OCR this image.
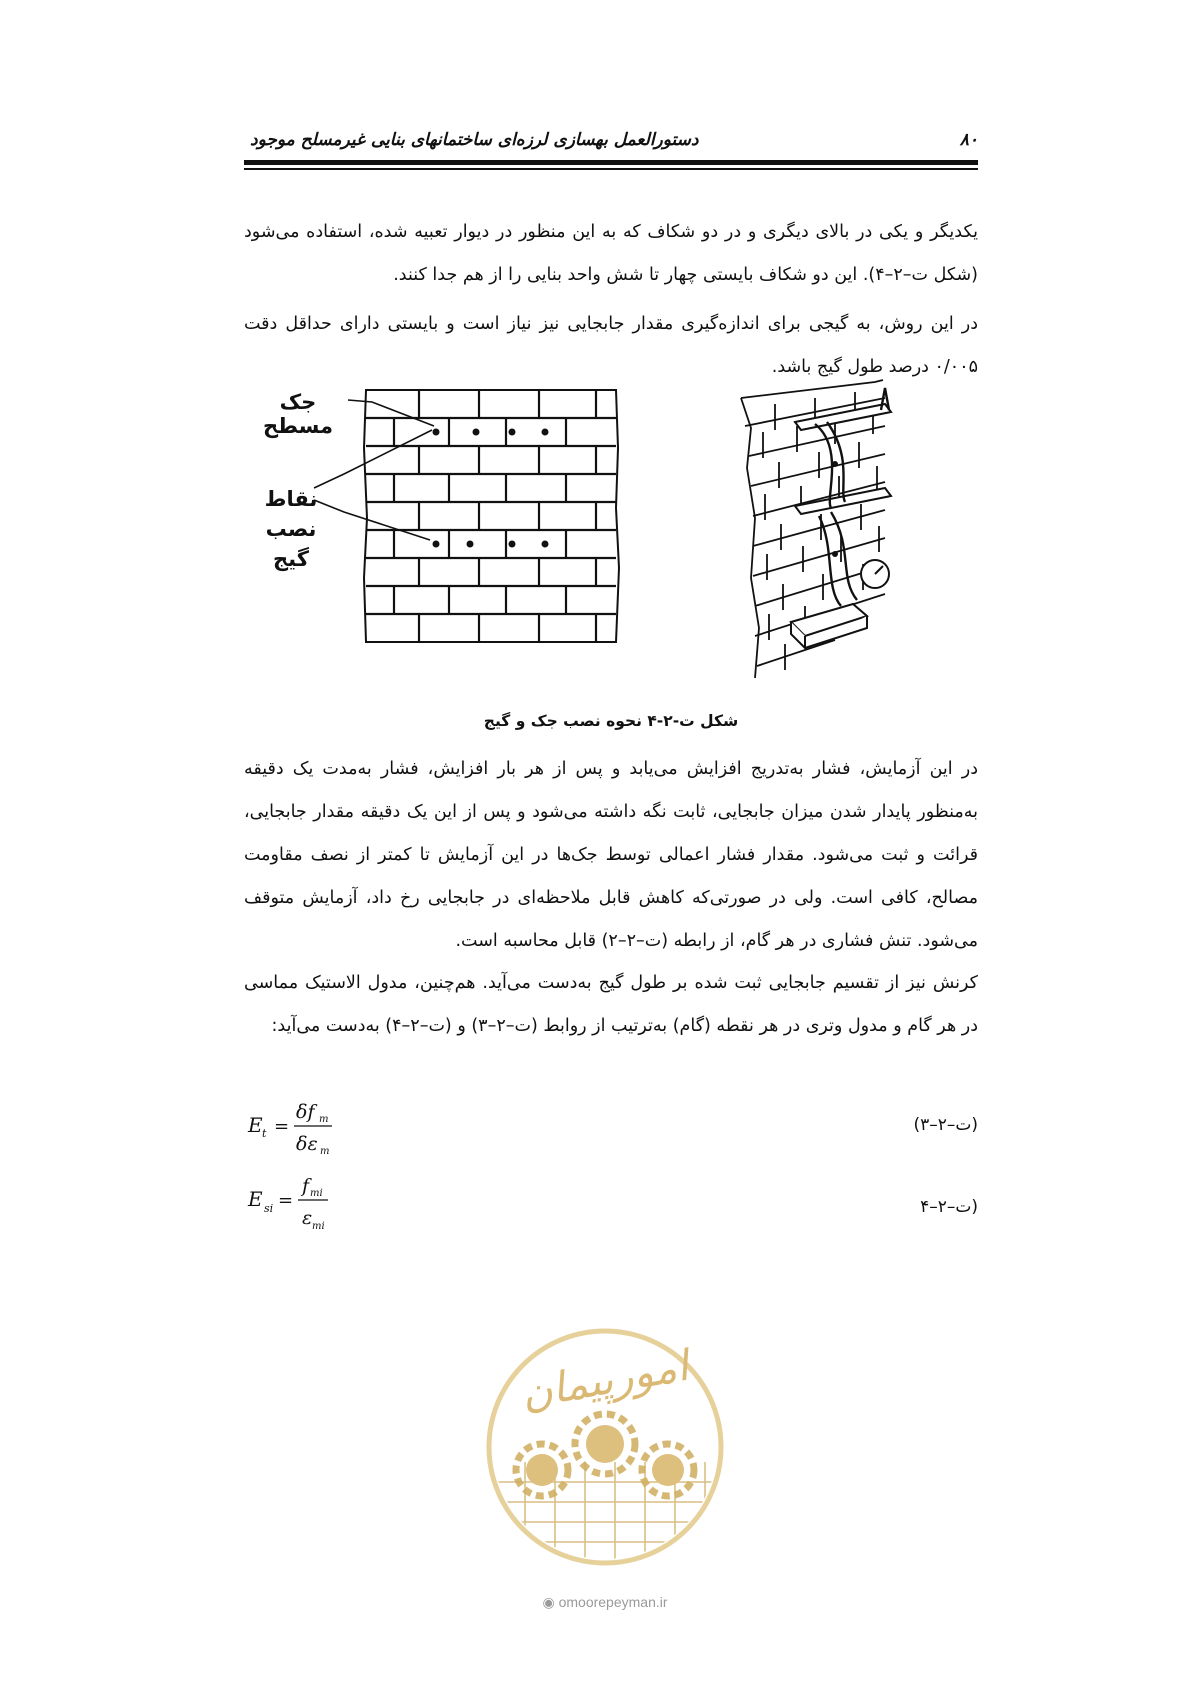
۸۰
دستورالعمل بهسازی لرزه‌ای ساختمانهای بنایی غیرمسلح موجود
یکدیگر و یکی در بالای دیگری و در دو شکاف که به این منظور در دیوار تعبیه شده، استفاده می‌شود (شکل ت–۲–۴). این دو شکاف بایستی چهار تا شش واحد بنایی را از هم جدا کنند.
در این روش، به گیجی برای اندازه‌گیری مقدار جابجایی نیز نیاز است و بایستی دارای حداقل دقت ۰/۰۰۵ درصد طول گیج باشد.
جک مسطح
نقاط نصب
گیج
شکل ت-۲-۴ نحوه نصب جک و گیج
در این آزمایش، فشار به‌تدریج افزایش می‌یابد و پس از هر بار افزایش، فشار به‌مدت یک دقیقه به‌منظور پایدار شدن میزان جابجایی، ثابت نگه داشته می‌شود و پس از این یک دقیقه مقدار جابجایی، قرائت و ثبت می‌شود. مقدار فشار اعمالی توسط جک‌ها در این آزمایش تا کمتر از نصف مقاومت مصالح، کافی است. ولی در صورتی‌که کاهش قابل ملاحظه‌ای در جابجایی رخ داد، آزمایش متوقف می‌شود. تنش فشاری در هر گام، از رابطه (ت–۲–۲) قابل محاسبه است.
کرنش نیز از تقسیم جابجایی ثبت شده بر طول گیج به‌دست می‌آید. هم‌چنین، مدول الاستیک مماسی در هر گام و مدول وتری در هر نقطه (گام) به‌ترتیب از روابط (ت–۲–۳) و (ت–۲–۴) به‌دست می‌آید:
E t =
δf m
δε m
(ت–۲–۳)
E si =
f mi
ε mi
(ت–۲–۴
امورپیمان
◉ omoorepeyman.ir
